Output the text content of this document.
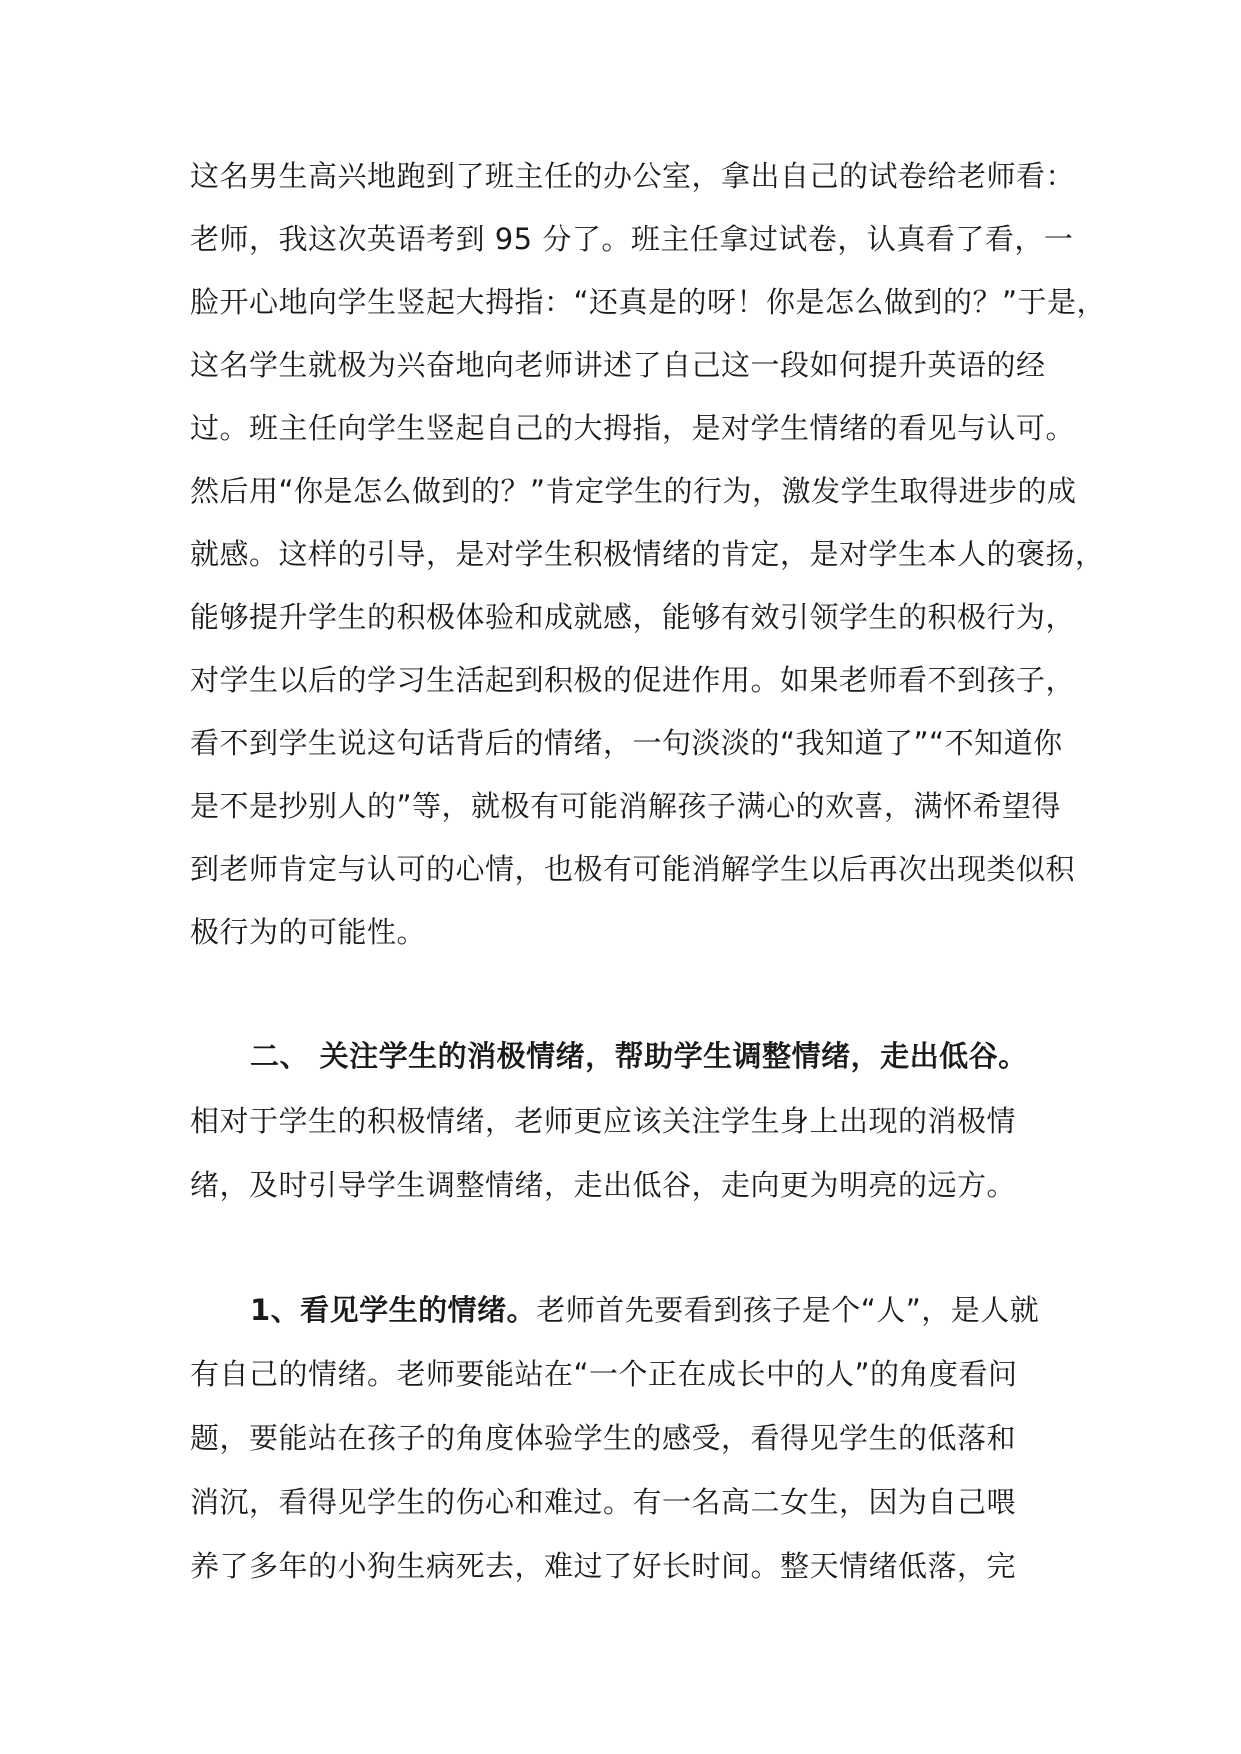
这名男生高兴地跑到了班主任的办公室，拿出自己的试卷给老师看：
老师，我这次英语考到 95 分了。班主任拿过试卷，认真看了看，一
脸开心地向学生竖起大拇指：“还真是的呀！你是怎么做到的？”于是，
这名学生就极为兴奋地向老师讲述了自己这一段如何提升英语的经
过。班主任向学生竖起自己的大拇指，是对学生情绪的看见与认可。
然后用“你是怎么做到的？”肯定学生的行为，激发学生取得进步的成
就感。这样的引导，是对学生积极情绪的肯定，是对学生本人的褒扬，
能够提升学生的积极体验和成就感，能够有效引领学生的积极行为，
对学生以后的学习生活起到积极的促进作用。如果老师看不到孩子，
看不到学生说这句话背后的情绪，一句淡淡的“我知道了”“不知道你
是不是抄别人的”等，就极有可能消解孩子满心的欢喜，满怀希望得
到老师肯定与认可的心情，也极有可能消解学生以后再次出现类似积
极行为的可能性。
二、 关注学生的消极情绪，帮助学生调整情绪，走出低谷。
相对于学生的积极情绪，老师更应该关注学生身上出现的消极情
绪，及时引导学生调整情绪，走出低谷，走向更为明亮的远方。
1、看见学生的情绪。老师首先要看到孩子是个“人”，是人就
有自己的情绪。老师要能站在“一个正在成长中的人”的角度看问
题，要能站在孩子的角度体验学生的感受，看得见学生的低落和
消沉，看得见学生的伤心和难过。有一名高二女生，因为自己喂
养了多年的小狗生病死去，难过了好长时间。整天情绪低落，完
